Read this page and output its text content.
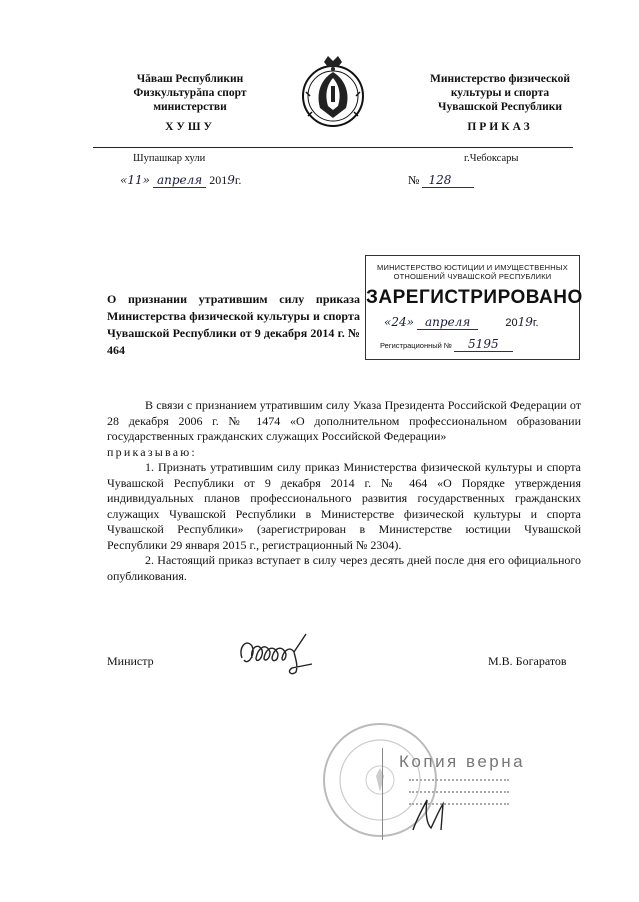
Чăваш Республикин
Физкультурăпа спорт
министерстви
ХУШУ
Министерство физической
культуры и спорта
Чувашской Республики
ПРИКАЗ
Шупашкар хули	г.Чебоксары
«11» апреля 2019г.	№ 128
МИНИСТЕРСТВО ЮСТИЦИИ И ИМУЩЕСТВЕННЫХ
ОТНОШЕНИЙ ЧУВАШСКОЙ РЕСПУБЛИКИ
ЗАРЕГИСТРИРОВАНО
«24» апреля	2019г.
Регистрационный № 5195
О признании утратившим силу приказа Министерства физической культуры и спорта Чувашской Республики от 9 декабря 2014 г. № 464

В связи с признанием утратившим силу Указа Президента Российской Федерации от 28 декабря 2006 г. № 1474 «О дополнительном профессиональном образовании государственных гражданских служащих Российской Федерации»

приказываю:

1. Признать утратившим силу приказ Министерства физической культуры и спорта Чувашской Республики от 9 декабря 2014 г. № 464 «О Порядке утверждения индивидуальных планов профессионального развития государственных гражданских служащих Чувашской Республики в Министерстве физической культуры и спорта Чувашской Республики» (зарегистрирован в Министерстве юстиции Чувашской Республики 29 января 2015 г., регистрационный № 2304).

2. Настоящий приказ вступает в силу через десять дней после дня его официального опубликования.

Министр	М.В. Богаратов
Копия верна
